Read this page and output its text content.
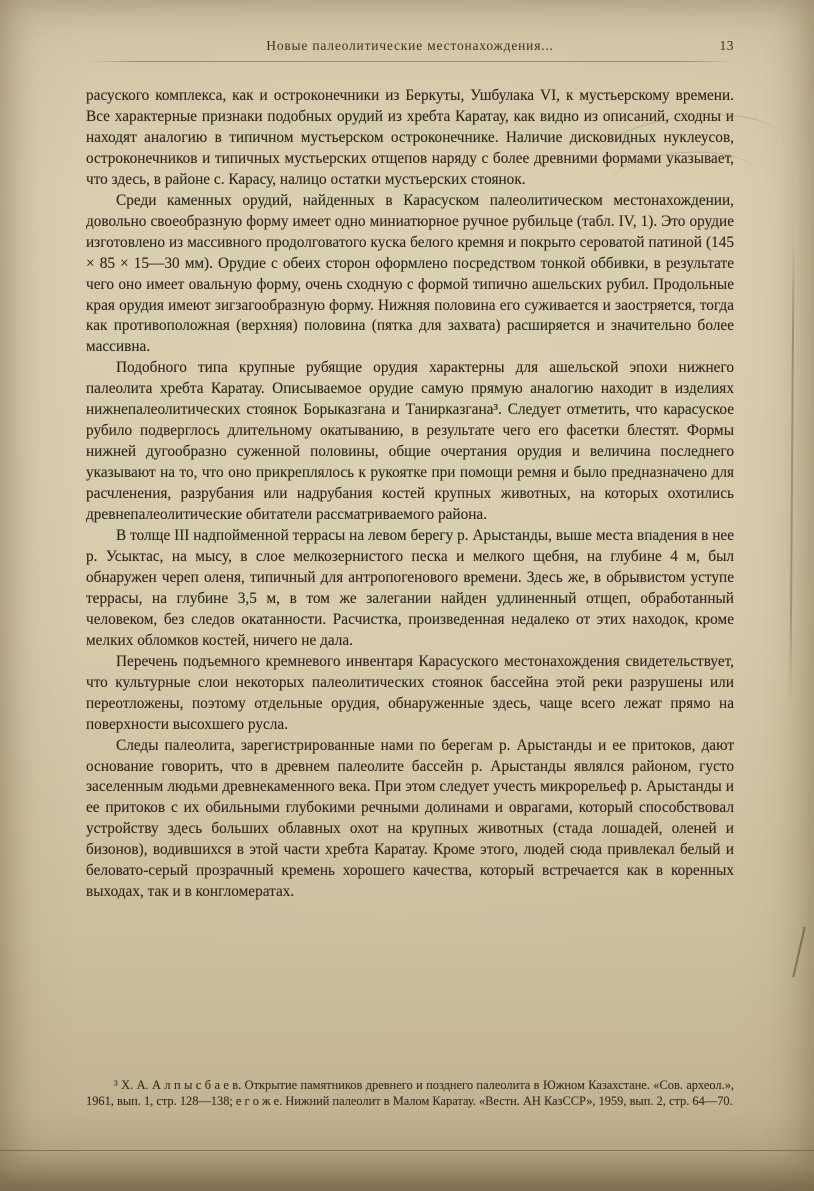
Новые палеолитические местонахождения...	13

расуского комплекса, как и остроконечники из Беркуты, Ушбулака VI, к мустьерскому времени. Все характерные признаки подобных орудий из хребта Каратау, как видно из описаний, сходны и находят аналогию в типичном мустьерском остроконечнике. Наличие дисковидных нуклеусов, остроконечников и типичных мустьерских отщепов наряду с более древними формами указывает, что здесь, в районе с. Карасу, налицо остатки мустьерских стоянок.

Среди каменных орудий, найденных в Карасуском палеолитическом местонахождении, довольно своеобразную форму имеет одно миниатюрное ручное рубильце (табл. IV, 1). Это орудие изготовлено из массивного продолговатого куска белого кремня и покрыто сероватой патиной (145 × 85 × 15—30 мм). Орудие с обеих сторон оформлено посредством тонкой оббивки, в результате чего оно имеет овальную форму, очень сходную с формой типично ашельских рубил. Продольные края орудия имеют зигзагообразную форму. Нижняя половина его суживается и заостряется, тогда как противоположная (верхняя) половина (пятка для захвата) расширяется и значительно более массивна.

Подобного типа крупные рубящие орудия характерны для ашельской эпохи нижнего палеолита хребта Каратау. Описываемое орудие самую прямую аналогию находит в изделиях нижнепалеолитических стоянок Борыказгана и Танирказгана³. Следует отметить, что карасуское рубило подверглось длительному окатыванию, в результате чего его фасетки блестят. Формы нижней дугообразно суженной половины, общие очертания орудия и величина последнего указывают на то, что оно прикреплялось к рукоятке при помощи ремня и было предназначено для расчленения, разрубания или надрубания костей крупных животных, на которых охотились древнепалеолитические обитатели рассматриваемого района.

В толще III надпойменной террасы на левом берегу р. Арыстанды, выше места впадения в нее р. Усыктас, на мысу, в слое мелкозернистого песка и мелкого щебня, на глубине 4 м, был обнаружен череп оленя, типичный для антропогенового времени. Здесь же, в обрывистом уступе террасы, на глубине 3,5 м, в том же залегании найден удлиненный отщеп, обработанный человеком, без следов окатанности. Расчистка, произведенная недалеко от этих находок, кроме мелких обломков костей, ничего не дала.

Перечень подъемного кремневого инвентаря Карасуского местонахождения свидетельствует, что культурные слои некоторых палеолитических стоянок бассейна этой реки разрушены или переотложены, поэтому отдельные орудия, обнаруженные здесь, чаще всего лежат прямо на поверхности высохшего русла.

Следы палеолита, зарегистрированные нами по берегам р. Арыстанды и ее притоков, дают основание говорить, что в древнем палеолите бассейн р. Арыстанды являлся районом, густо заселенным людьми древнекаменного века. При этом следует учесть микрорельеф р. Арыстанды и ее притоков с их обильными глубокими речными долинами и оврагами, который способствовал устройству здесь больших облавных охот на крупных животных (стада лошадей, оленей и бизонов), водившихся в этой части хребта Каратау. Кроме этого, людей сюда привлекал белый и беловато-серый прозрачный кремень хорошего качества, который встречается как в коренных выходах, так и в конгломератах.

³ Х. А. А л п ы с б а е в. Открытие памятников древнего и позднего палеолита в Южном Казахстане. «Сов. археол.», 1961, вып. 1, стр. 128—138; е г о ж е. Нижний палеолит в Малом Каратау. «Вестн. АН КазССР», 1959, вып. 2, стр. 64—70.
